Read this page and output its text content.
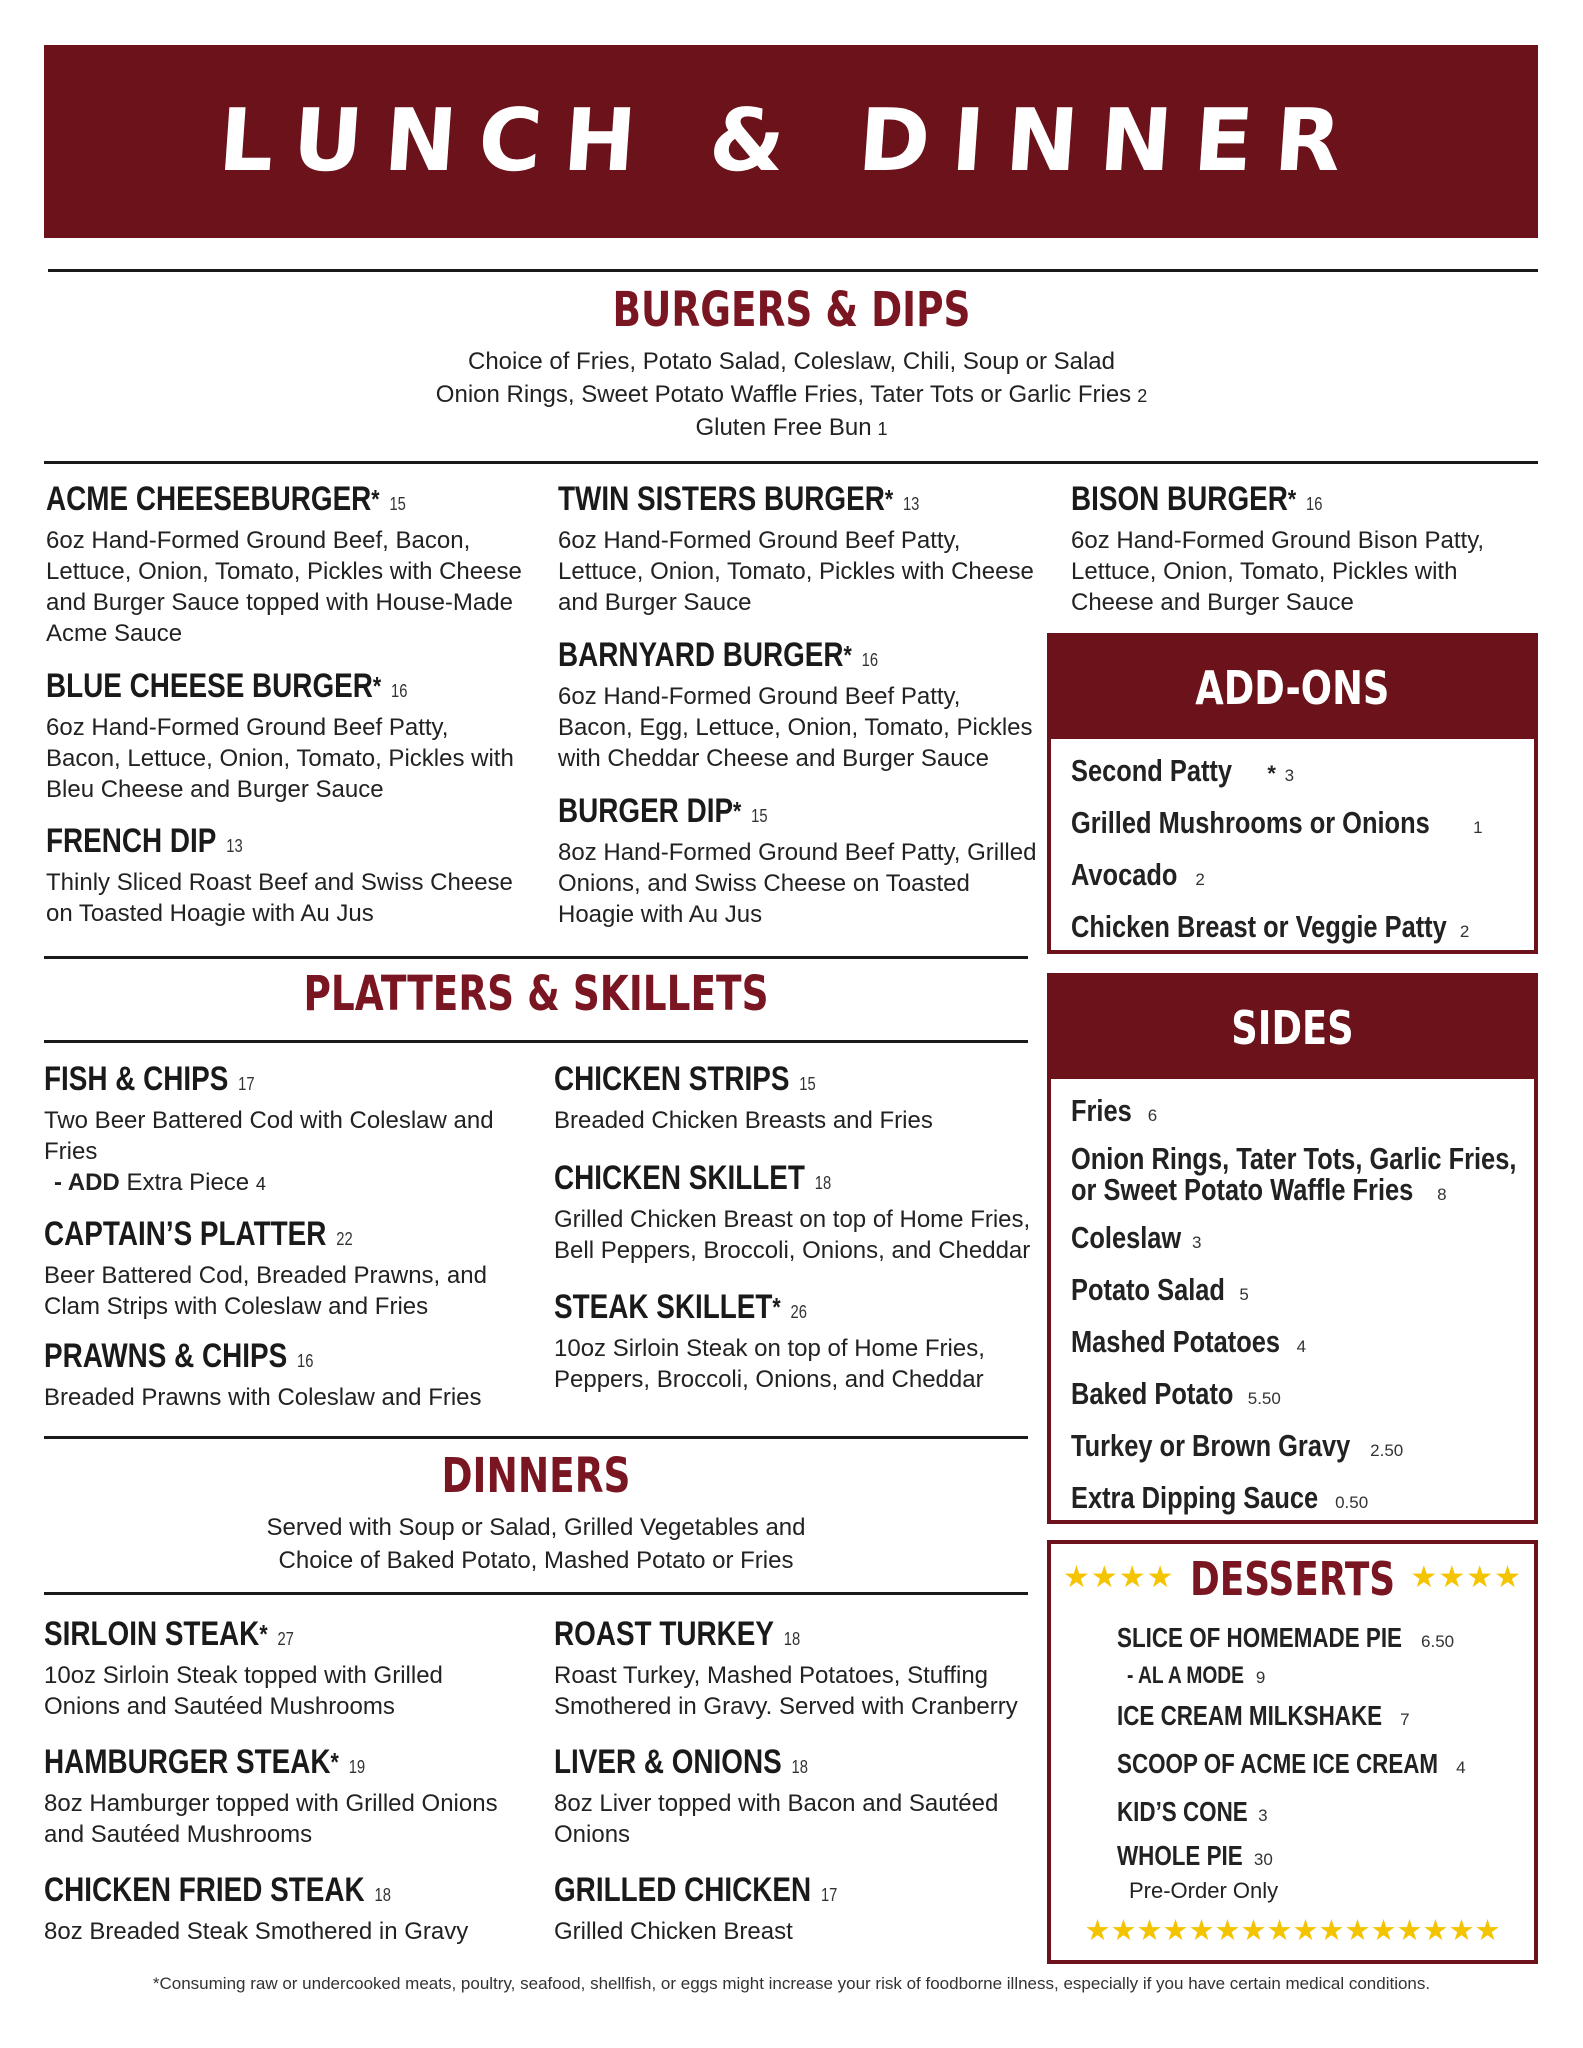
LUNCH & DINNER
BURGERS & DIPS
Choice of Fries, Potato Salad, Coleslaw, Chili, Soup or Salad
Onion Rings, Sweet Potato Waffle Fries, Tater Tots or Garlic Fries 2
Gluten Free Bun 1
ACME CHEESEBURGER* 15
6oz Hand-Formed Ground Beef, Bacon, Lettuce, Onion, Tomato, Pickles with Cheese and Burger Sauce topped with House-Made Acme Sauce
BLUE CHEESE BURGER* 16
6oz Hand-Formed Ground Beef Patty, Bacon, Lettuce, Onion, Tomato, Pickles with Bleu Cheese and Burger Sauce
FRENCH DIP 13
Thinly Sliced Roast Beef and Swiss Cheese on Toasted Hoagie with Au Jus
TWIN SISTERS BURGER* 13
6oz Hand-Formed Ground Beef Patty, Lettuce, Onion, Tomato, Pickles with Cheese and Burger Sauce
BARNYARD BURGER* 16
6oz Hand-Formed Ground Beef Patty, Bacon, Egg, Lettuce, Onion, Tomato, Pickles with Cheddar Cheese and Burger Sauce
BURGER DIP* 15
8oz Hand-Formed Ground Beef Patty, Grilled Onions, and Swiss Cheese on Toasted Hoagie with Au Jus
BISON BURGER* 16
6oz Hand-Formed Ground Bison Patty, Lettuce, Onion, Tomato, Pickles with Cheese and Burger Sauce
ADD-ONS
Second Patty * 3
Grilled Mushrooms or Onions	1
Avocado 2
Chicken Breast or Veggie Patty 2
PLATTERS & SKILLETS
FISH & CHIPS 17
Two Beer Battered Cod with Coleslaw and Fries
- ADD Extra Piece 4
CAPTAIN’S PLATTER 22
Beer Battered Cod, Breaded Prawns, and Clam Strips with Coleslaw and Fries
PRAWNS & CHIPS 16
Breaded Prawns with Coleslaw and Fries
CHICKEN STRIPS 15
Breaded Chicken Breasts and Fries
CHICKEN SKILLET 18
Grilled Chicken Breast on top of Home Fries, Bell Peppers, Broccoli, Onions, and Cheddar
STEAK SKILLET* 26
10oz Sirloin Steak on top of Home Fries, Peppers, Broccoli, Onions, and Cheddar
SIDES
Fries 6
Onion Rings, Tater Tots, Garlic Fries,
or Sweet Potato Waffle Fries 8
Coleslaw 3
Potato Salad 5
Mashed Potatoes 4
Baked Potato 5.50
Turkey or Brown Gravy 2.50
Extra Dipping Sauce 0.50
DINNERS
Served with Soup or Salad, Grilled Vegetables and
Choice of Baked Potato, Mashed Potato or Fries
SIRLOIN STEAK* 27
10oz Sirloin Steak topped with Grilled Onions and Sautéed Mushrooms
HAMBURGER STEAK* 19
8oz Hamburger topped with Grilled Onions and Sautéed Mushrooms
CHICKEN FRIED STEAK 18
8oz Breaded Steak Smothered in Gravy
ROAST TURKEY 18
Roast Turkey, Mashed Potatoes, Stuffing Smothered in Gravy. Served with Cranberry
LIVER & ONIONS 18
8oz Liver topped with Bacon and Sautéed Onions
GRILLED CHICKEN 17
Grilled Chicken Breast
★★★★ DESSERTS ★★★★
SLICE OF HOMEMADE PIE 6.50
- AL A MODE 9
ICE CREAM MILKSHAKE 7
SCOOP OF ACME ICE CREAM 4
KID’S CONE 3
WHOLE PIE 30
Pre-Order Only
★★★★★★★★★★★★★★★★
*Consuming raw or undercooked meats, poultry, seafood, shellfish, or eggs might increase your risk of foodborne illness, especially if you have certain medical conditions.
